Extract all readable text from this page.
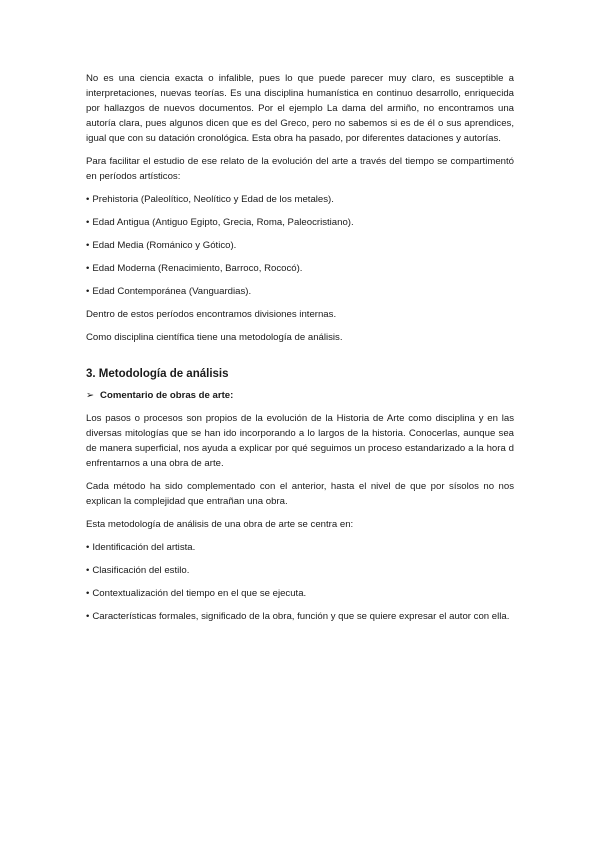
No es una ciencia exacta o infalible, pues lo que puede parecer muy claro, es susceptible a interpretaciones, nuevas teorías. Es una disciplina humanística en continuo desarrollo, enriquecida por hallazgos de nuevos documentos. Por el ejemplo La dama del armiño, no encontramos una autoría clara, pues algunos dicen que es del Greco, pero no sabemos si es de él o sus aprendices, igual que con su datación cronológica. Esta obra ha pasado, por diferentes dataciones y autorías.

Para facilitar el estudio de ese relato de la evolución del arte a través del tiempo se compartimentó en períodos artísticos:

• Prehistoria (Paleolítico, Neolítico y Edad de los metales).
• Edad Antigua (Antiguo Egipto, Grecia, Roma, Paleocristiano).
• Edad Media (Románico y Gótico).
• Edad Moderna (Renacimiento, Barroco, Rococó).
• Edad Contemporánea (Vanguardias).

Dentro de estos períodos encontramos divisiones internas.

Como disciplina científica tiene una metodología de análisis.

3. Metodología de análisis
➢ Comentario de obras de arte:

Los pasos o procesos son propios de la evolución de la Historia de Arte como disciplina y en las diversas mitologías que se han ido incorporando a lo largos de la historia. Conocerlas, aunque sea de manera superficial, nos ayuda a explicar por qué seguimos un proceso estandarizado a la hora d enfrentarnos a una obra de arte.

Cada método ha sido complementado con el anterior, hasta el nivel de que por sísolos no nos explican la complejidad que entrañan una obra.

Esta metodología de análisis de una obra de arte se centra en:

• Identificación del artista.
• Clasificación del estilo.
• Contextualización del tiempo en el que se ejecuta.
• Características formales, significado de la obra, función y que se quiere expresar el autor con ella.
